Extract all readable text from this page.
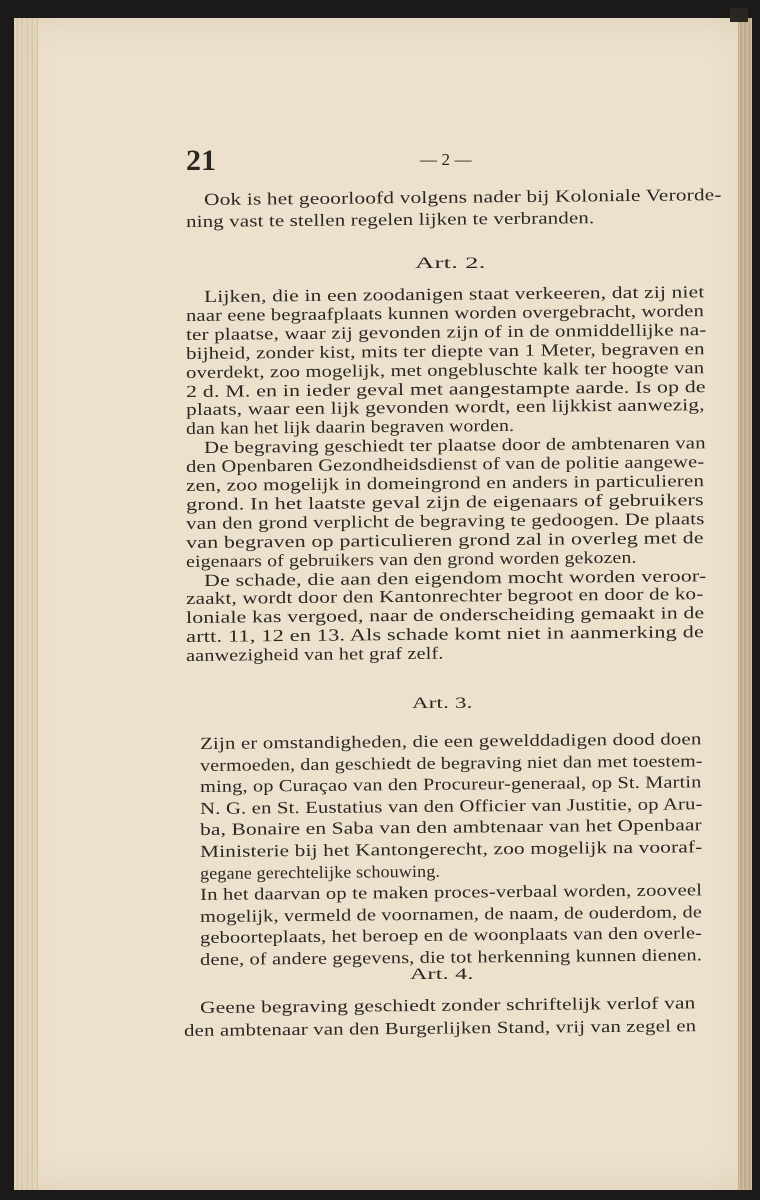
21	— 2 —
Ook is het geoorloofd volgens nader bij Koloniale Verorde-
ning vast te stellen regelen lijken te verbranden.
Art. 2.
Lijken, die in een zoodanigen staat verkeeren, dat zij niet
naar eene begraafplaats kunnen worden overgebracht, worden
ter plaatse, waar zij gevonden zijn of in de onmiddellijke na-
bijheid, zonder kist, mits ter diepte van 1 Meter, begraven en
overdekt, zoo mogelijk, met ongebluschte kalk ter hoogte van
2 d. M. en in ieder geval met aangestampte aarde. Is op de
plaats, waar een lijk gevonden wordt, een lijkkist aanwezig,
dan kan het lijk daarin begraven worden.
De begraving geschiedt ter plaatse door de ambtenaren van
den Openbaren Gezondheidsdienst of van de politie aangewe-
zen, zoo mogelijk in domeingrond en anders in particulieren
grond. In het laatste geval zijn de eigenaars of gebruikers
van den grond verplicht de begraving te gedoogen. De plaats
van begraven op particulieren grond zal in overleg met de
eigenaars of gebruikers van den grond worden gekozen.
De schade, die aan den eigendom mocht worden veroor-
zaakt, wordt door den Kantonrechter begroot en door de ko-
loniale kas vergoed, naar de onderscheiding gemaakt in de
artt. 11, 12 en 13. Als schade komt niet in aanmerking de
aanwezigheid van het graf zelf.
Art. 3.
Zijn er omstandigheden, die een gewelddadigen dood doen
vermoeden, dan geschiedt de begraving niet dan met toestem-
ming, op Curaçao van den Procureur-generaal, op St. Martin
N. G. en St. Eustatius van den Officier van Justitie, op Aru-
ba, Bonaire en Saba van den ambtenaar van het Openbaar
Ministerie bij het Kantongerecht, zoo mogelijk na vooraf-
gegane gerechtelijke schouwing.
In het daarvan op te maken proces-verbaal worden, zooveel
mogelijk, vermeld de voornamen, de naam, de ouderdom, de
geboorteplaats, het beroep en de woonplaats van den overle-
dene, of andere gegevens, die tot herkenning kunnen dienen.
Art. 4.
Geene begraving geschiedt zonder schriftelijk verlof van
den ambtenaar van den Burgerlijken Stand, vrij van zegel en
